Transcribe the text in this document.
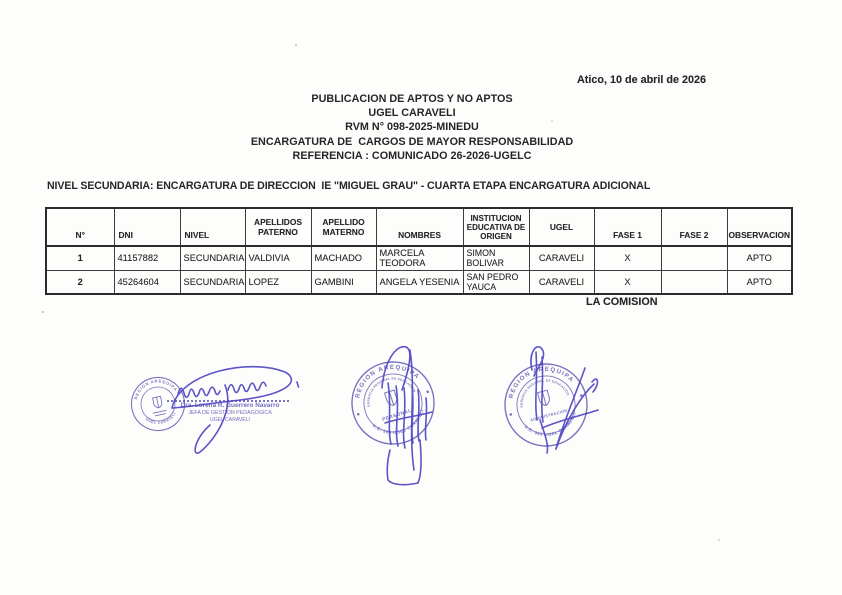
Atico, 10 de abril de 2026
PUBLICACION DE APTOS Y NO APTOS
UGEL CARAVELI
RVM N° 098-2025-MINEDU
ENCARGATURA DE  CARGOS DE MAYOR RESPONSABILIDAD
REFERENCIA : COMUNICADO 26-2026-UGELC
NIVEL SECUNDARIA: ENCARGATURA DE DIRECCION  IE "MIGUEL GRAU" - CUARTA ETAPA ENCARGATURA ADICIONAL
N°	DNI	NIVEL	APELLIDOS PATERNO	APELLIDO MATERNO	NOMBRES	INSTITUCION EDUCATIVA DE ORIGEN	UGEL	FASE 1	FASE 2	OBSERVACION
1	41157882	SECUNDARIA	VALDIVIA	MACHADO	MARCELA TEODORA	SIMON BOLIVAR	CARAVELI	X		APTO
2	45264604	SECUNDARIA	LOPEZ	GAMBINI	ANGELA YESENIA	SAN PEDRO YAUCA	CARAVELI	X		APTO
LA COMISION
REGION AREQUIPA
UGEL CARAVELI
REGION AREQUIPA
U.E. 305 UGEL CARAVELI
GERENCIA REGIONAL DE EDUCACION
PERSONAL
REGION AREQUIPA
U.E. 305 UGEL CARAVELI
GERENCIA REGIONAL DE EDUCACION
ADMINISTRACION
Dra. Lorena R. Guerrero Navarro
JEFA DE GESTION PEDAGOGICA
UGEL CARAVELI
